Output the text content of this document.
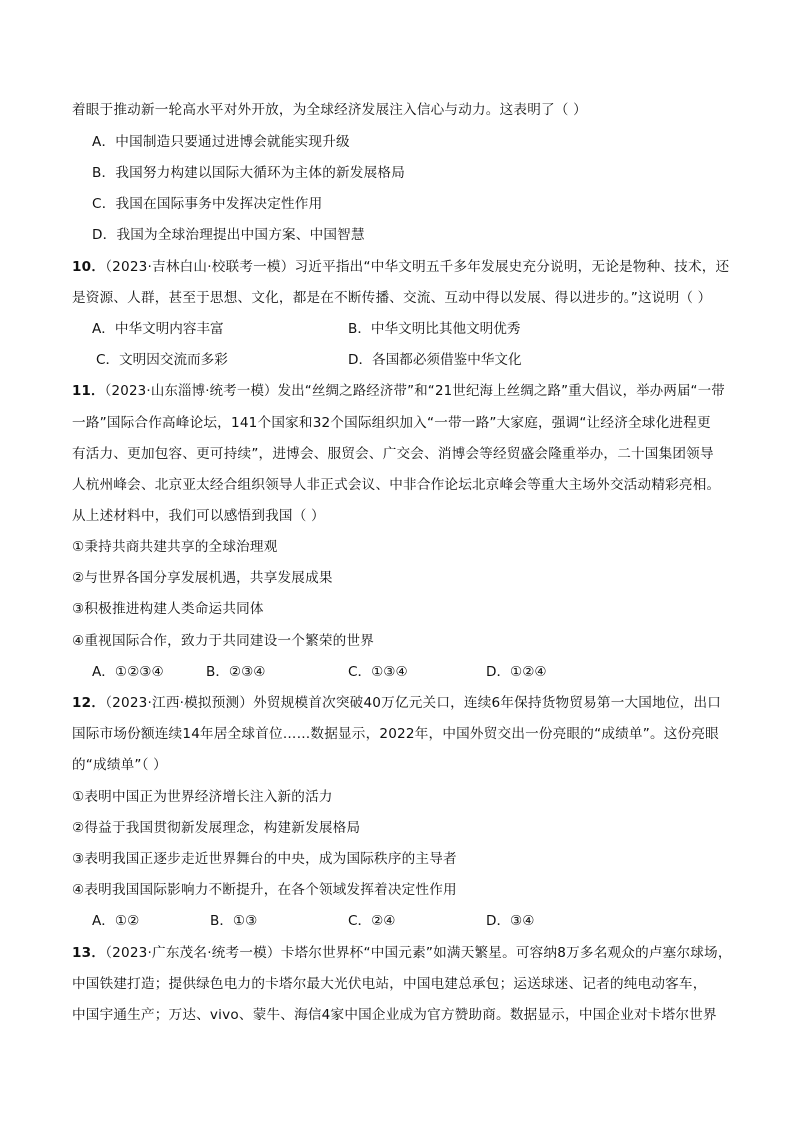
着眼于推动新一轮高水平对外开放，为全球经济发展注入信心与动力。这表明了（ ）
A．中国制造只要通过进博会就能实现升级
B．我国努力构建以国际大循环为主体的新发展格局
C．我国在国际事务中发挥决定性作用
D．我国为全球治理提出中国方案、中国智慧
10．（2023·吉林白山·校联考一模）习近平指出“中华文明五千多年发展史充分说明，无论是物种、技术，还
是资源、人群，甚至于思想、文化，都是在不断传播、交流、互动中得以发展、得以进步的。”这说明（ ）
A．中华文明内容丰富	B．中华文明比其他文明优秀
C．文明因交流而多彩	D．各国都必须借鉴中华文化
11．（2023·山东淄博·统考一模）发出“丝绸之路经济带”和“21世纪海上丝绸之路”重大倡议，举办两届“一带
一路”国际合作高峰论坛，141个国家和32个国际组织加入“一带一路”大家庭，强调“让经济全球化进程更
有活力、更加包容、更可持续”，进博会、服贸会、广交会、消博会等经贸盛会隆重举办，二十国集团领导
人杭州峰会、北京亚太经合组织领导人非正式会议、中非合作论坛北京峰会等重大主场外交活动精彩亮相。
从上述材料中，我们可以感悟到我国（ ）
①秉持共商共建共享的全球治理观
②与世界各国分享发展机遇，共享发展成果
③积极推进构建人类命运共同体
④重视国际合作，致力于共同建设一个繁荣的世界
A．①②③④	B．②③④	C．①③④	D．①②④
12．（2023·江西·模拟预测）外贸规模首次突破40万亿元关口，连续6年保持货物贸易第一大国地位，出口
国际市场份额连续14年居全球首位……数据显示，2022年，中国外贸交出一份亮眼的“成绩单”。这份亮眼
的“成绩单”（ ）
①表明中国正为世界经济增长注入新的活力
②得益于我国贯彻新发展理念，构建新发展格局
③表明我国正逐步走近世界舞台的中央，成为国际秩序的主导者
④表明我国国际影响力不断提升，在各个领域发挥着决定性作用
A．①②	B．①③	C．②④	D．③④
13．（2023·广东茂名·统考一模）卡塔尔世界杯“中国元素”如满天繁星。可容纳8万多名观众的卢塞尔球场，
中国铁建打造；提供绿色电力的卡塔尔最大光伏电站，中国电建总承包；运送球迷、记者的纯电动客车，
中国宇通生产；万达、vivo、蒙牛、海信4家中国企业成为官方赞助商。数据显示，中国企业对卡塔尔世界
